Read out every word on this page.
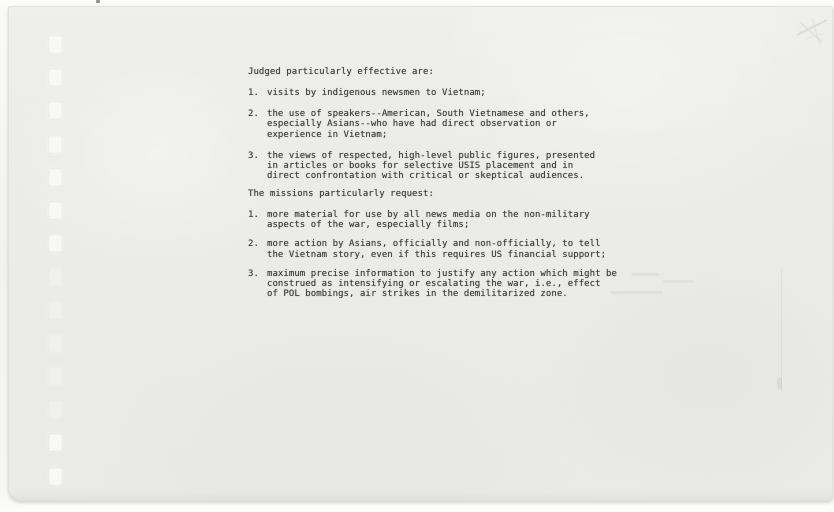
Judged particularly effective are:
1. visits by indigenous newsmen to Vietnam;
2. the use of speakers--American, South Vietnamese and others,
especially Asians--who have had direct observation or
experience in Vietnam;
3. the views of respected, high-level public figures, presented
in articles or books for selective USIS placement and in
direct confrontation with critical or skeptical audiences.
The missions particularly request:
1. more material for use by all news media on the non-military
aspects of the war, especially films;
2. more action by Asians, officially and non-officially, to tell
the Vietnam story, even if this requires US financial support;
3. maximum precise information to justify any action which might be
construed as intensifying or escalating the war, i.e., effect
of POL bombings, air strikes in the demilitarized zone.
